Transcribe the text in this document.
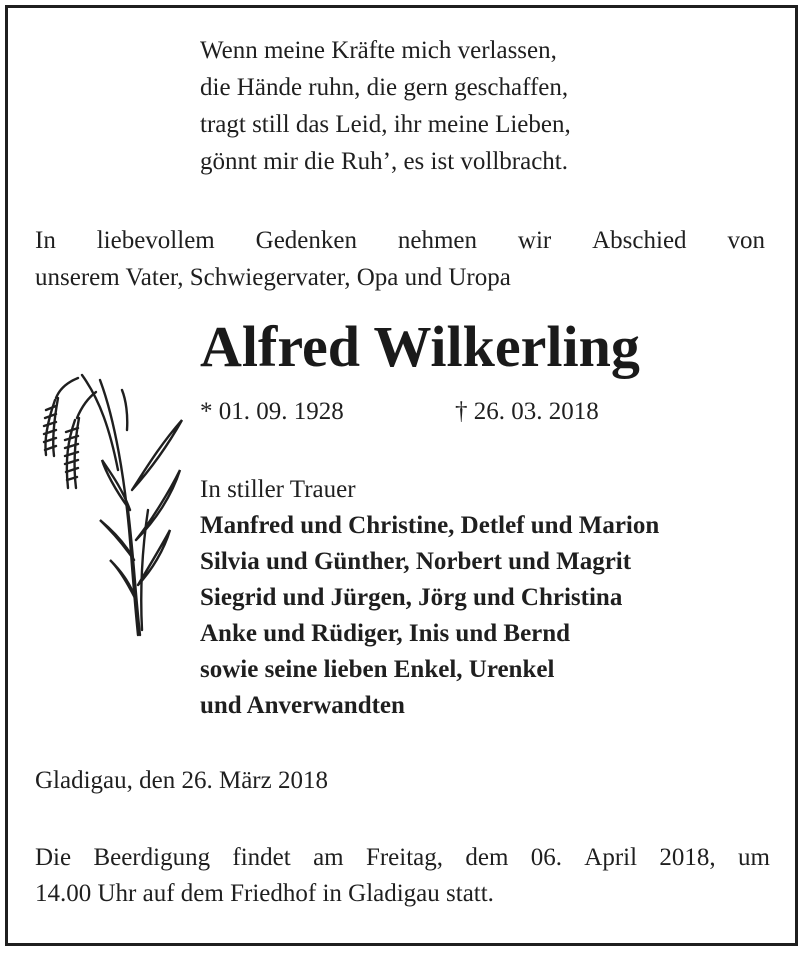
Wenn meine Kräfte mich verlassen,
die Hände ruhn, die gern geschaffen,
tragt still das Leid, ihr meine Lieben,
gönnt mir die Ruh’, es ist vollbracht.
In liebevollem Gedenken nehmen wir Abschied von
unserem Vater, Schwiegervater, Opa und Uropa
Alfred Wilkerling
* 01. 09. 1928	† 26. 03. 2018
In stiller Trauer
Manfred und Christine, Detlef und Marion
Silvia und Günther, Norbert und Magrit
Siegrid und Jürgen, Jörg und Christina
Anke und Rüdiger, Inis und Bernd
sowie seine lieben Enkel, Urenkel
und Anverwandten
Gladigau, den 26. März 2018
Die Beerdigung findet am Freitag, dem 06. April 2018, um
14.00 Uhr auf dem Friedhof in Gladigau statt.
